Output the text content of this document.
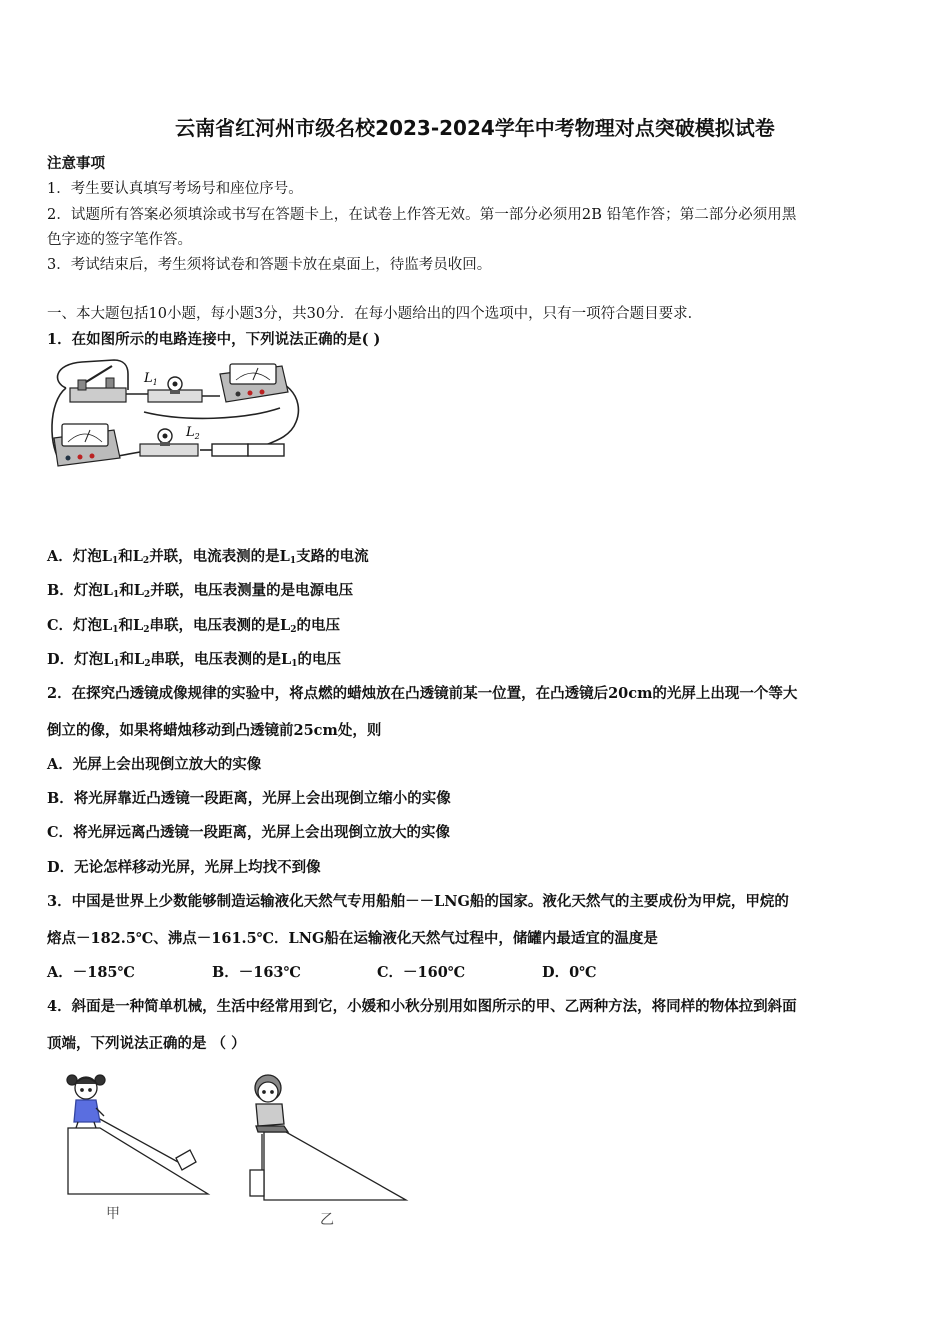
云南省红河州市级名校2023-2024学年中考物理对点突破模拟试卷
注意事项
1．考生要认真填写考场号和座位序号。
2．试题所有答案必须填涂或书写在答题卡上，在试卷上作答无效。第一部分必须用2B 铅笔作答；第二部分必须用黑
色字迹的签字笔作答。
3．考试结束后，考生须将试卷和答题卡放在桌面上，待监考员收回。
一、本大题包括10小题，每小题3分，共30分．在每小题给出的四个选项中，只有一项符合题目要求．
1．在如图所示的电路连接中，下列说法正确的是( )
$L_1$
$L_2$
A．灯泡$L_1$和$L_2$并联，电流表测的是$L_1$支路的电流
B．灯泡$L_1$和$L_2$并联，电压表测量的是电源电压
C．灯泡$L_1$和$L_2$串联，电压表测的是$L_2$的电压
D．灯泡$L_1$和$L_2$串联，电压表测的是$L_1$的电压
2．在探究凸透镜成像规律的实验中，将点燃的蜡烛放在凸透镜前某一位置，在凸透镜后20cm的光屏上出现一个等大
倒立的像，如果将蜡烛移动到凸透镜前25cm处，则
A．光屏上会出现倒立放大的实像
B．将光屏靠近凸透镜一段距离，光屏上会出现倒立缩小的实像
C．将光屏远离凸透镜一段距离，光屏上会出现倒立放大的实像
D．无论怎样移动光屏，光屏上均找不到像
3．中国是世界上少数能够制造运输液化天然气专用船舶－－LNG船的国家。液化天然气的主要成份为甲烷，甲烷的
熔点－182.5℃、沸点－161.5℃．LNG船在运输液化天然气过程中，储罐内最适宜的温度是
A．－185℃	B．－163℃	C．－160℃	D．0℃
4．斜面是一种简单机械，生活中经常用到它，小媛和小秋分别用如图所示的甲、乙两种方法，将同样的物体拉到斜面
顶端，下列说法正确的是 （ ）
甲	乙
